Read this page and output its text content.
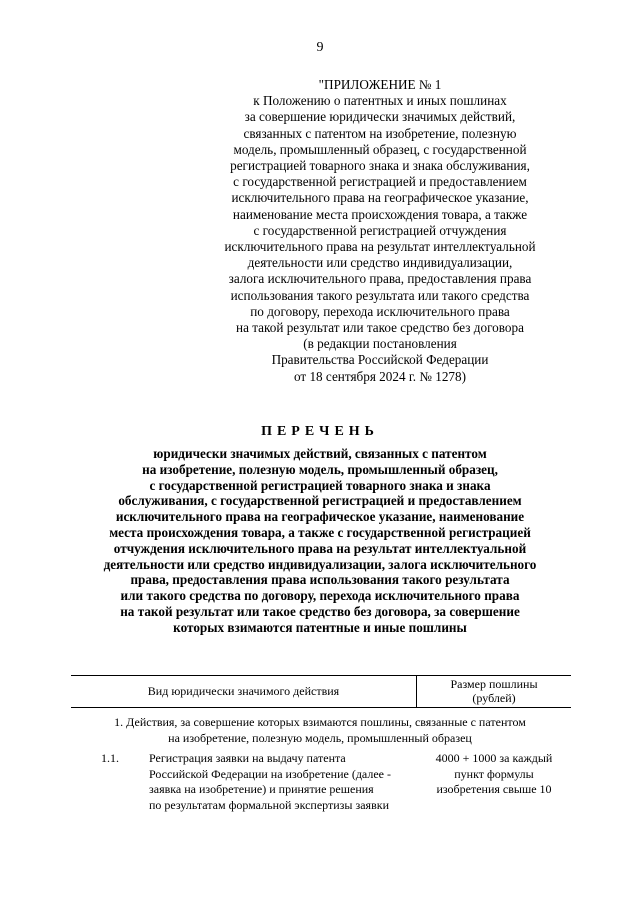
9
"ПРИЛОЖЕНИЕ № 1
к Положению о патентных и иных пошлинах
за совершение юридически значимых действий,
связанных с патентом на изобретение, полезную
модель, промышленный образец, с государственной
регистрацией товарного знака и знака обслуживания,
с государственной регистрацией и предоставлением
исключительного права на географическое указание,
наименование места происхождения товара, а также
с государственной регистрацией отчуждения
исключительного права на результат интеллектуальной
деятельности или средство индивидуализации,
залога исключительного права, предоставления права
использования такого результата или такого средства
по договору, перехода исключительного права
на такой результат или такое средство без договора
(в редакции постановления
Правительства Российской Федерации
от 18 сентября 2024 г. № 1278)
ПЕРЕЧЕНЬ
юридически значимых действий, связанных с патентом
на изобретение, полезную модель, промышленный образец,
с государственной регистрацией товарного знака и знака
обслуживания, с государственной регистрацией и предоставлением
исключительного права на географическое указание, наименование
места происхождения товара, а также с государственной регистрацией
отчуждения исключительного права на результат интеллектуальной
деятельности или средство индивидуализации, залога исключительного
права, предоставления права использования такого результата
или такого средства по договору, перехода исключительного права
на такой результат или такое средство без договора, за совершение
которых взимаются патентные и иные пошлины
Вид юридически значимого действия	Размер пошлины
(рублей)
1. Действия, за совершение которых взимаются пошлины, связанные с патентом
на изобретение, полезную модель, промышленный образец
1.1.	Регистрация заявки на выдачу патента
Российской Федерации на изобретение (далее -
заявка на изобретение) и принятие решения
по результатам формальной экспертизы заявки
4000 + 1000 за каждый
пункт формулы
изобретения свыше 10
